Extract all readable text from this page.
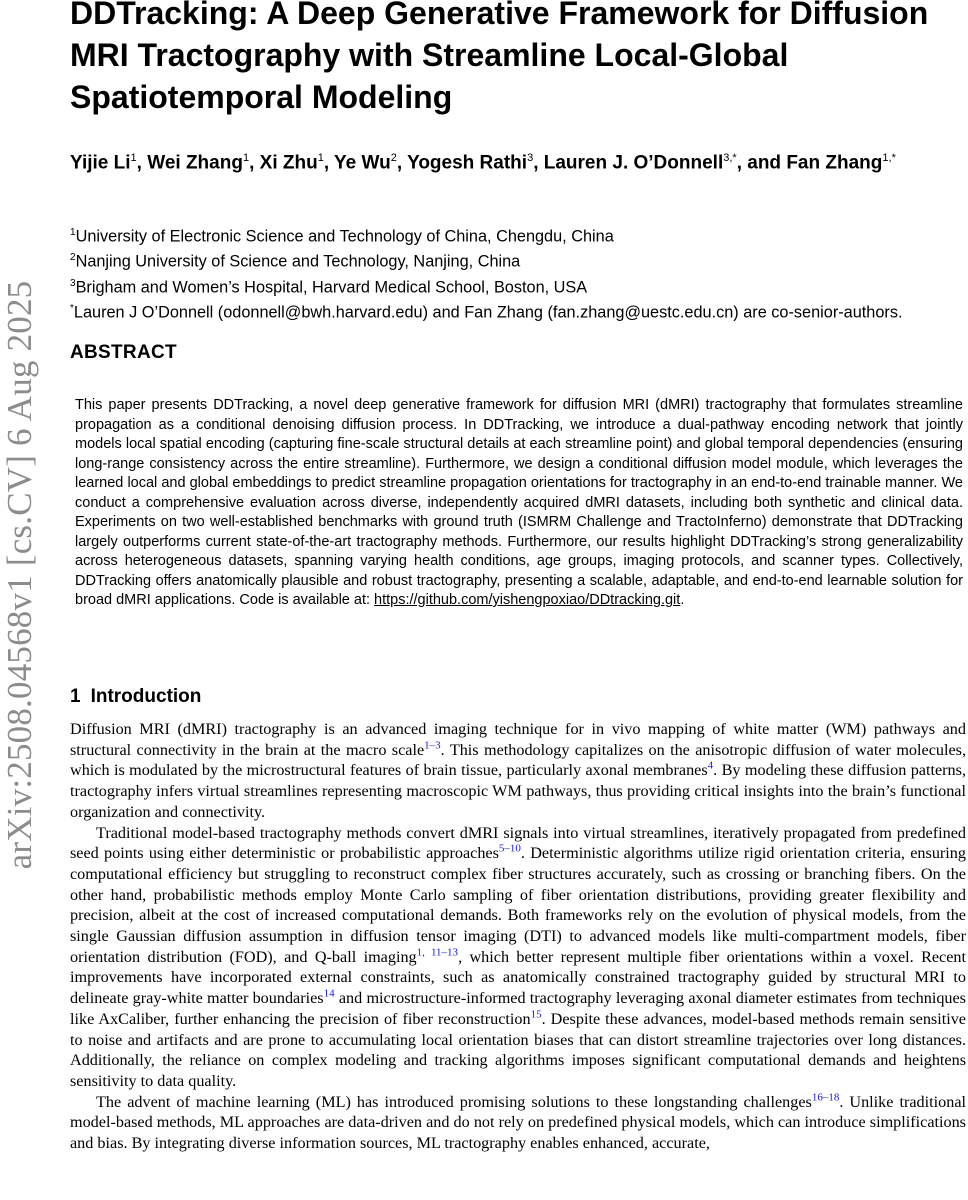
arXiv:2508.04568v1 [cs.CV] 6 Aug 2025
DDTracking: A Deep Generative Framework for Diffusion MRI Tractography with Streamline Local-Global Spatiotemporal Modeling
Yijie Li$^1$, Wei Zhang$^1$, Xi Zhu$^1$, Ye Wu$^2$, Yogesh Rathi$^3$, Lauren J. O’Donnell$^{3,*}$, and Fan Zhang$^{1,*}$
$^1$University of Electronic Science and Technology of China, Chengdu, China
$^2$Nanjing University of Science and Technology, Nanjing, China
$^3$Brigham and Women’s Hospital, Harvard Medical School, Boston, USA
*Lauren J O’Donnell (odonnell@bwh.harvard.edu) and Fan Zhang (fan.zhang@uestc.edu.cn) are co-senior-authors.
ABSTRACT
This paper presents DDTracking, a novel deep generative framework for diffusion MRI (dMRI) tractography that formulates streamline propagation as a conditional denoising diffusion process. In DDTracking, we introduce a dual-pathway encoding network that jointly models local spatial encoding (capturing fine-scale structural details at each streamline point) and global temporal dependencies (ensuring long-range consistency across the entire streamline). Furthermore, we design a conditional diffusion model module, which leverages the learned local and global embeddings to predict streamline propagation orientations for tractography in an end-to-end trainable manner. We conduct a comprehensive evaluation across diverse, independently acquired dMRI datasets, including both synthetic and clinical data. Experiments on two well-established benchmarks with ground truth (ISMRM Challenge and TractoInferno) demonstrate that DDTracking largely outperforms current state-of-the-art tractography methods. Furthermore, our results highlight DDTracking’s strong generalizability across heterogeneous datasets, spanning varying health conditions, age groups, imaging protocols, and scanner types. Collectively, DDTracking offers anatomically plausible and robust tractography, presenting a scalable, adaptable, and end-to-end learnable solution for broad dMRI applications. Code is available at: https://github.com/yishengpoxiao/DDtracking.git.
1 Introduction

Diffusion MRI (dMRI) tractography is an advanced imaging technique for in vivo mapping of white matter (WM) pathways and structural connectivity in the brain at the macro scale$^{1-3}$. This methodology capitalizes on the anisotropic diffusion of water molecules, which is modulated by the microstructural features of brain tissue, particularly axonal membranes$^4$. By modeling these diffusion patterns, tractography infers virtual streamlines representing macroscopic WM pathways, thus providing critical insights into the brain’s functional organization and connectivity.

Traditional model-based tractography methods convert dMRI signals into virtual streamlines, iteratively propagated from predefined seed points using either deterministic or probabilistic approaches$^{5-10}$. Deterministic algorithms utilize rigid orientation criteria, ensuring computational efficiency but struggling to reconstruct complex fiber structures accurately, such as crossing or branching fibers. On the other hand, probabilistic methods employ Monte Carlo sampling of fiber orientation distributions, providing greater flexibility and precision, albeit at the cost of increased computational demands. Both frameworks rely on the evolution of physical models, from the single Gaussian diffusion assumption in diffusion tensor imaging (DTI) to advanced models like multi-compartment models, fiber orientation distribution (FOD), and Q-ball imaging$^{1, 11-13}$, which better represent multiple fiber orientations within a voxel. Recent improvements have incorporated external constraints, such as anatomically constrained tractography guided by structural MRI to delineate gray-white matter boundaries$^{14}$ and microstructure-informed tractography leveraging axonal diameter estimates from techniques like AxCaliber, further enhancing the precision of fiber reconstruction$^{15}$. Despite these advances, model-based methods remain sensitive to noise and artifacts and are prone to accumulating local orientation biases that can distort streamline trajectories over long distances. Additionally, the reliance on complex modeling and tracking algorithms imposes significant computational demands and heightens sensitivity to data quality.

The advent of machine learning (ML) has introduced promising solutions to these longstanding challenges$^{16-18}$. Unlike traditional model-based methods, ML approaches are data-driven and do not rely on predefined physical models, which can introduce simplifications and bias. By integrating diverse information sources, ML tractography enables enhanced, accurate,
